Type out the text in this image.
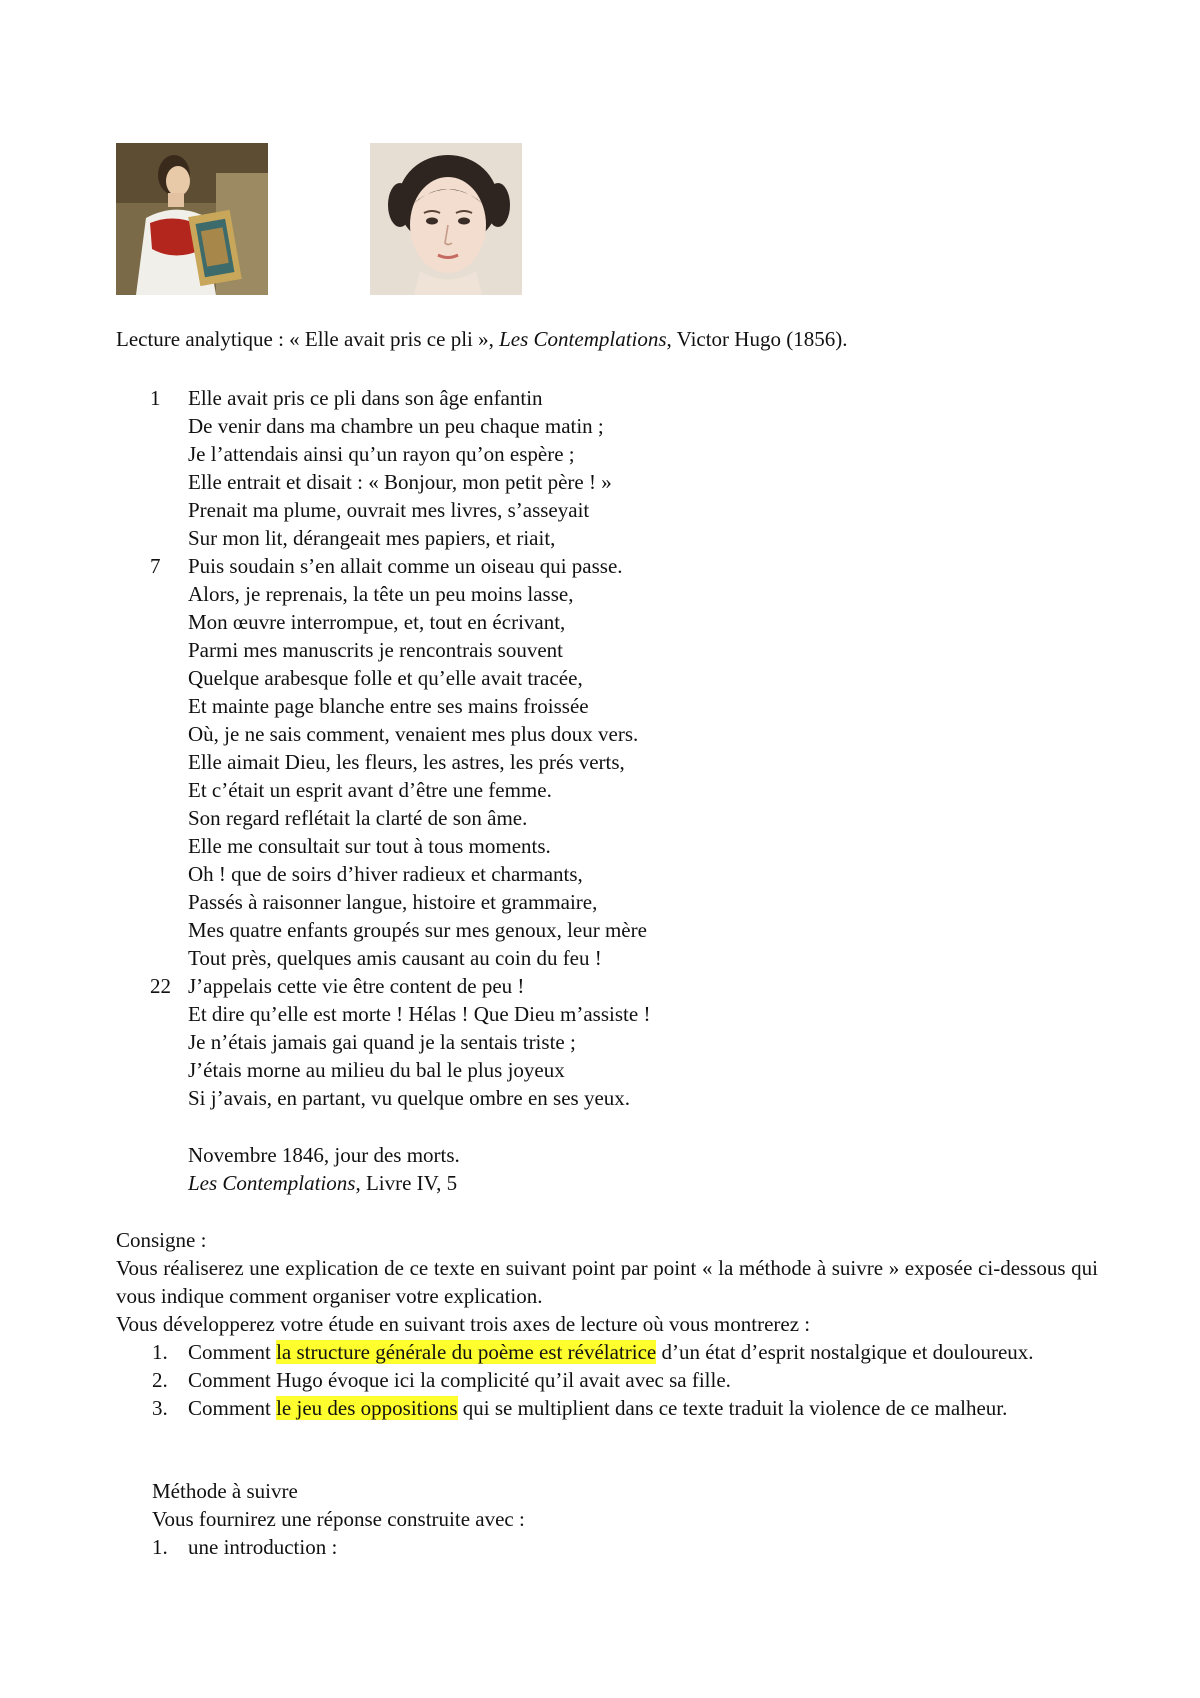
Lecture analytique : « Elle avait pris ce pli », Les Contemplations, Victor Hugo (1856).
1	Elle avait pris ce pli dans son âge enfantin
De venir dans ma chambre un peu chaque matin ;
Je l’attendais ainsi qu’un rayon qu’on espère ;
Elle entrait et disait : « Bonjour, mon petit père ! »
Prenait ma plume, ouvrait mes livres, s’asseyait
Sur mon lit, dérangeait mes papiers, et riait,
7	Puis soudain s’en allait comme un oiseau qui passe.
Alors, je reprenais, la tête un peu moins lasse,
Mon œuvre interrompue, et, tout en écrivant,
Parmi mes manuscrits je rencontrais souvent
Quelque arabesque folle et qu’elle avait tracée,
Et mainte page blanche entre ses mains froissée
Où, je ne sais comment, venaient mes plus doux vers.
Elle aimait Dieu, les fleurs, les astres, les prés verts,
Et c’était un esprit avant d’être une femme.
Son regard reflétait la clarté de son âme.
Elle me consultait sur tout à tous moments.
Oh ! que de soirs d’hiver radieux et charmants,
Passés à raisonner langue, histoire et grammaire,
Mes quatre enfants groupés sur mes genoux, leur mère
Tout près, quelques amis causant au coin du feu !
22 J’appelais cette vie être content de peu !
Et dire qu’elle est morte ! Hélas ! Que Dieu m’assiste !
Je n’étais jamais gai quand je la sentais triste ;
J’étais morne au milieu du bal le plus joyeux
Si j’avais, en partant, vu quelque ombre en ses yeux.
Novembre 1846, jour des morts.
Les Contemplations, Livre IV, 5
Consigne :
Vous réaliserez une explication de ce texte en suivant point par point « la méthode à suivre » exposée ci-dessous qui vous indique comment organiser votre explication.
Vous développerez votre étude en suivant trois axes de lecture où vous montrerez :
1. Comment la structure générale du poème est révélatrice d’un état d’esprit nostalgique et douloureux.
2. Comment Hugo évoque ici la complicité qu’il avait avec sa fille.
3. Comment le jeu des oppositions qui se multiplient dans ce texte traduit la violence de ce malheur.
Méthode à suivre
Vous fournirez une réponse construite avec :
1. une introduction :
